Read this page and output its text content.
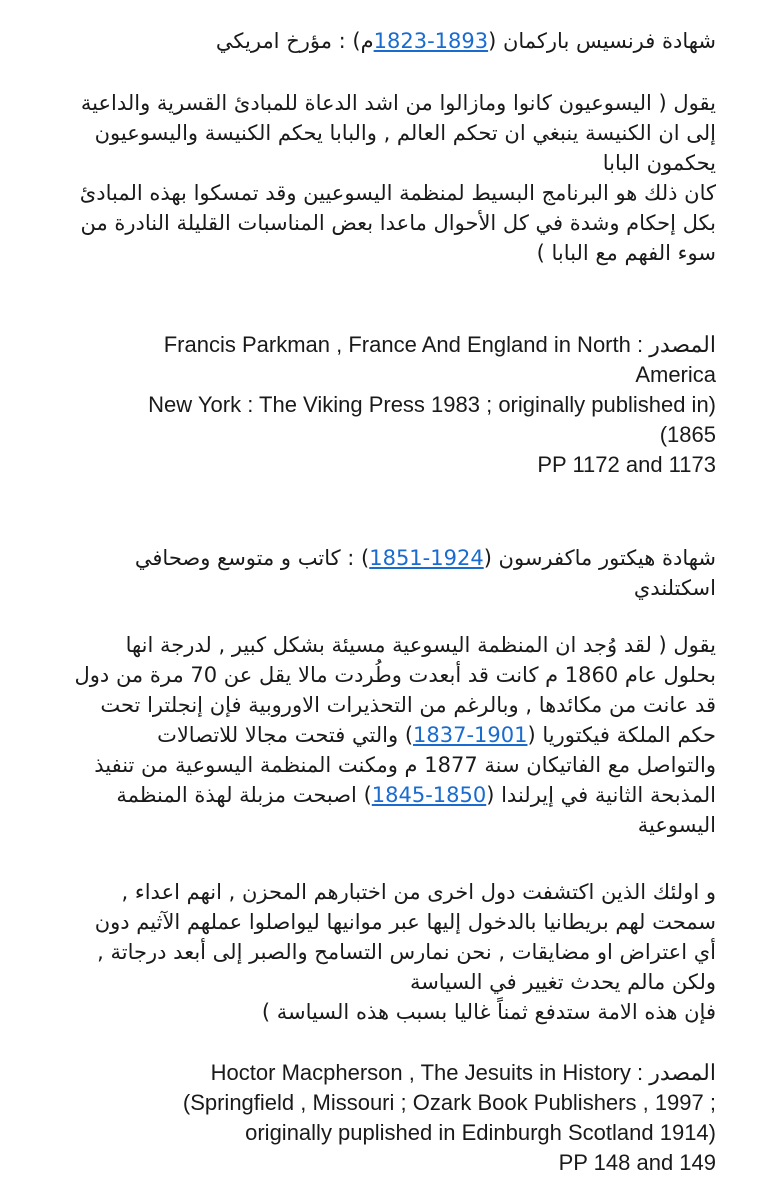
شهادة فرنسيس باركمان (1823-1893م) : مؤرخ امريكي
يقول ( اليسوعيون كانوا ومازالوا من اشد الدعاة للمبادئ القسرية والداعية
إلى ان الكنيسة ينبغي ان تحكم العالم , والبابا يحكم الكنيسة واليسوعيون
يحكمون البابا
كان ذلك هو البرنامج البسيط لمنظمة اليسوعيين وقد تمسكوا بهذه المبادئ
بكل إحكام وشدة في كل الأحوال ماعدا بعض المناسبات القليلة النادرة من
سوء الفهم مع البابا )
المصدر : Francis Parkman , France And England in North
America
New York : The Viking Press 1983 ; originally published in)
(1865
PP 1172 and 1173
شهادة هيكتور ماكفرسون (1851-1924) : كاتب و متوسع وصحافي
اسكتلندي
يقول ( لقد وُجد ان المنظمة اليسوعية مسيئة بشكل كبير , لدرجة انها
بحلول عام 1860 م كانت قد أبعدت وطُردت مالا يقل عن 70 مرة من دول
قد عانت من مكائدها , وبالرغم من التحذيرات الاوروبية فإن إنجلترا تحت
حكم الملكة فيكتوريا (1837-1901) والتي فتحت مجالا للاتصالات
والتواصل مع الفاتيكان سنة 1877 م ومكنت المنظمة اليسوعية من تنفيذ
المذبحة الثانية في إيرلندا (1845-1850) اصبحت مزبلة لهذة المنظمة
اليسوعية
و اولئك الذين اكتشفت دول اخرى من اختبارهم المحزن , انهم اعداء ,
سمحت لهم بريطانيا بالدخول إليها عبر موانيها ليواصلوا عملهم الآثيم دون
أي اعتراض او مضايقات , نحن نمارس التسامح والصبر إلى أبعد درجاتة ,
ولكن مالم يحدث تغيير في السياسة
فإن هذه الامة ستدفع ثمناً غاليا بسبب هذه السياسة )
المصدر : Hoctor Macpherson , The Jesuits in History
(Springfield , Missouri ; Ozark Book Publishers , 1997 ;
originally puplished in Edinburgh Scotland 1914)
PP 148 and 149
